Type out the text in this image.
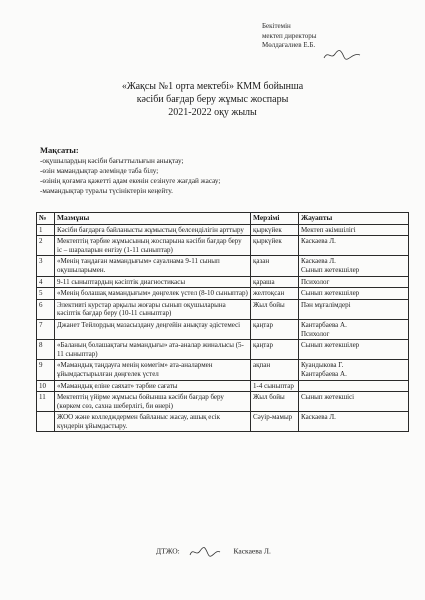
Бекітемін
мектеп директоры
Мөлдағалиев Е.Б.
«Жақсы №1 орта мектебі» КММ бойынша
кәсіби бағдар беру жұмыс жоспары
2021-2022 оқу жылы
Мақсаты:
-оқушылардың кәсіби бағыттылығын анықтау;
-өзін мамандықтар әлемінде таба білу;
-өзінің қоғамға қажетті адам екенін сезінуге жағдай жасау;
-мамандықтар туралы түсініктерін кеңейту.
№	Мазмұны	Мерзімі	Жауапты
1	Кәсіби бағдарға байланысты жұмыстың белсенділігін арттыру	қыркүйек	Мектеп әкімшілігі
2	Мектептің тәрбие жұмысының жоспарына кәсіби бағдар беру іс – шараларын енгізу (1-11 сыныптар)	қыркүйек	Каскаева Л.
3	«Менің таңдаған мамандығым» сауалнама 9-11 сынып оқушыларымен.	қазан	Каскаева Л.
Сынып жетекшілер
4	9-11 сыныптардың кәсіптік диагностикасы	қараша	Психолог
5	«Менің болашақ мамандығым» дөңгелек үстел (8-10 сыныптар)	желтоқсан	Сынып жетекшілер
6	Элективті курстар арқылы жоғары сынып оқушыларына кәсіптік бағдар беру (10-11 сыныптар)	Жыл бойы	Пән мұғалімдері
7	Джанет Тейлордың мазасыздану деңгейін анықтау әдістемесі	қаңтар	Кантарбаева А.
Психолог
8	«Баланың болашақтағы мамандығы» ата-аналар жиналысы (5-11 сыныптар)	қаңтар	Сынып жетекшілер
9	«Мамандық таңдауға менің көмегім» ата-аналармен ұйымдастырылған дөңгелек үстел	ақпан	Куандыкова Г.
Кантарбаева А.
10	«Мамандық еліне саяхат» тәрбие сағаты	1-4 сыныптар	
11	Мектептің үйірме жұмысы бойынша кәсіби бағдар беру (көркем сөз, сахна шеберлігі, би өнері)	Жыл бойы	Сынып жетекшісі
	ЖОО және колледждермен байланыс жасау, ашық есік күндерін ұйымдастыру.	Сәуір-мамыр	Каскаева Л.
ДТЖО:	Каскаева Л.
